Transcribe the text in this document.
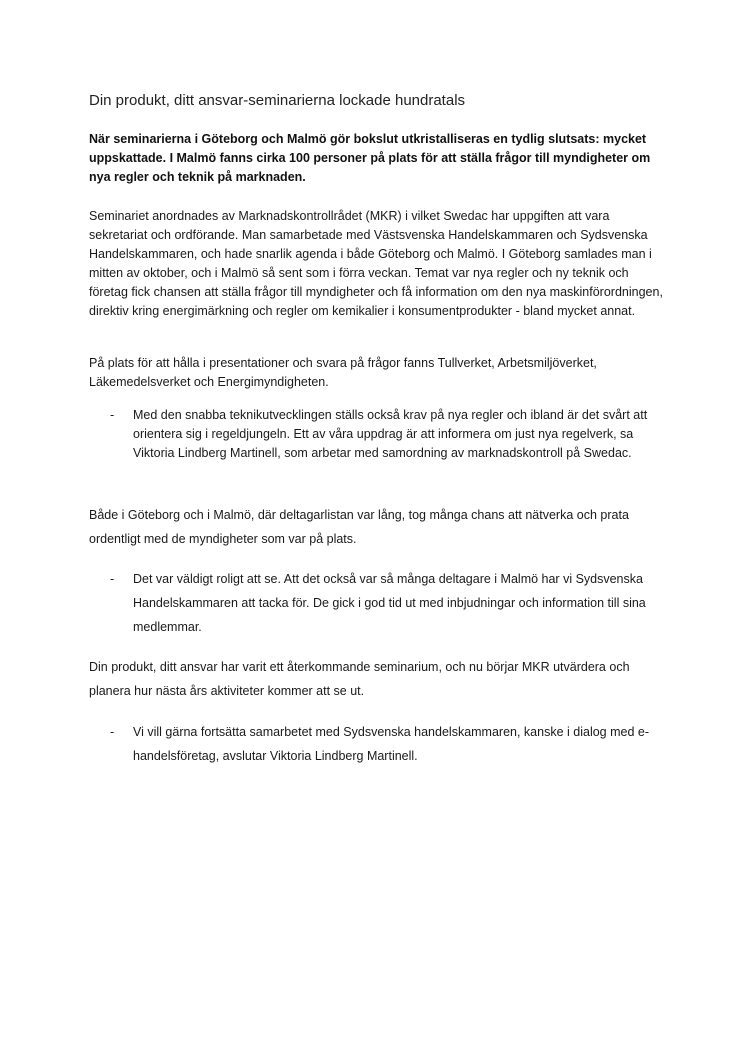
Din produkt, ditt ansvar-seminarierna lockade hundratals
När seminarierna i Göteborg och Malmö gör bokslut utkristalliseras en tydlig slutsats: mycket uppskattade. I Malmö fanns cirka 100 personer på plats för att ställa frågor till myndigheter om nya regler och teknik på marknaden.
Seminariet anordnades av Marknadskontrollrådet (MKR) i vilket Swedac har uppgiften att vara sekretariat och ordförande. Man samarbetade med Västsvenska Handelskammaren och Sydsvenska Handelskammaren, och hade snarlik agenda i både Göteborg och Malmö. I Göteborg samlades man i mitten av oktober, och i Malmö så sent som i förra veckan. Temat var nya regler och ny teknik och företag fick chansen att ställa frågor till myndigheter och få information om den nya maskinförordningen, direktiv kring energimärkning och regler om kemikalier i konsumentprodukter - bland mycket annat.
På plats för att hålla i presentationer och svara på frågor fanns Tullverket, Arbetsmiljöverket, Läkemedelsverket och Energimyndigheten.
-	Med den snabba teknikutvecklingen ställs också krav på nya regler och ibland är det svårt att orientera sig i regeldjungeln. Ett av våra uppdrag är att informera om just nya regelverk, sa Viktoria Lindberg Martinell, som arbetar med samordning av marknadskontroll på Swedac.
Både i Göteborg och i Malmö, där deltagarlistan var lång, tog många chans att nätverka och prata ordentligt med de myndigheter som var på plats.
-	Det var väldigt roligt att se. Att det också var så många deltagare i Malmö har vi Sydsvenska Handelskammaren att tacka för. De gick i god tid ut med inbjudningar och information till sina medlemmar.
Din produkt, ditt ansvar har varit ett återkommande seminarium, och nu börjar MKR utvärdera och planera hur nästa års aktiviteter kommer att se ut.
-	Vi vill gärna fortsätta samarbetet med Sydsvenska handelskammaren, kanske i dialog med e-handelsföretag, avslutar Viktoria Lindberg Martinell.
